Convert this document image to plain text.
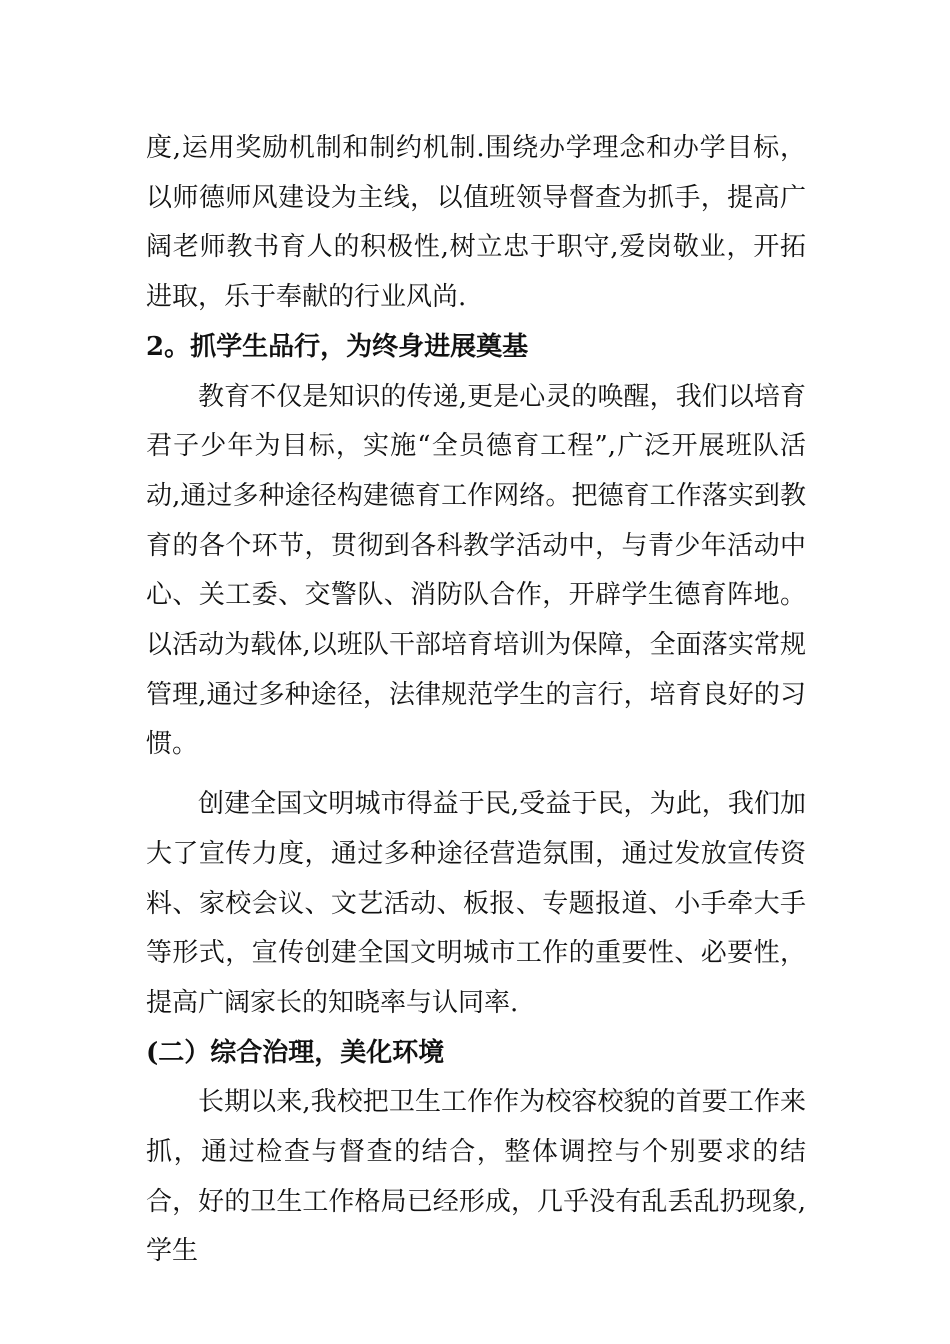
度,运用奖励机制和制约机制.围绕办学理念和办学目标，以师德师风建设为主线，以值班领导督查为抓手，提高广阔老师教书育人的积极性,树立忠于职守,爱岗敬业，开拓进取，乐于奉献的行业风尚.

2。抓学生品行，为终身进展奠基

教育不仅是知识的传递,更是心灵的唤醒，我们以培育君子少年为目标，实施“全员德育工程”,广泛开展班队活动,通过多种途径构建德育工作网络。把德育工作落实到教育的各个环节，贯彻到各科教学活动中，与青少年活动中心、关工委、交警队、消防队合作，开辟学生德育阵地。以活动为载体,以班队干部培育培训为保障，全面落实常规管理,通过多种途径，法律规范学生的言行，培育良好的习惯。

创建全国文明城市得益于民,受益于民，为此，我们加大了宣传力度，通过多种途径营造氛围，通过发放宣传资料、家校会议、文艺活动、板报、专题报道、小手牵大手等形式，宣传创建全国文明城市工作的重要性、必要性，提高广阔家长的知晓率与认同率.

(二）综合治理，美化环境

长期以来,我校把卫生工作作为校容校貌的首要工作来抓，通过检查与督查的结合，整体调控与个别要求的结合，好的卫生工作格局已经形成，几乎没有乱丢乱扔现象,学生
